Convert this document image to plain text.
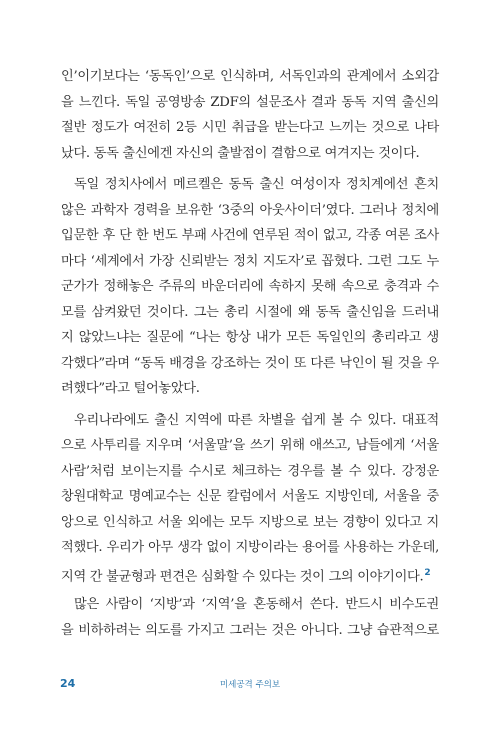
인’이기보다는 ‘동독인’으로 인식하며, 서독인과의 관계에서 소외감
을 느낀다. 독일 공영방송 ZDF의 설문조사 결과 동독 지역 출신의
절반 정도가 여전히 2등 시민 취급을 받는다고 느끼는 것으로 나타
났다. 동독 출신에겐 자신의 출발점이 결함으로 여겨지는 것이다.
독일 정치사에서 메르켈은 동독 출신 여성이자 정치계에선 흔치
않은 과학자 경력을 보유한 ‘3중의 아웃사이더’였다. 그러나 정치에
입문한 후 단 한 번도 부패 사건에 연루된 적이 없고, 각종 여론 조사
마다 ‘세계에서 가장 신뢰받는 정치 지도자’로 꼽혔다. 그런 그도 누
군가가 정해놓은 주류의 바운더리에 속하지 못해 속으로 충격과 수
모를 삼켜왔던 것이다. 그는 총리 시절에 왜 동독 출신임을 드러내
지 않았느냐는 질문에 “나는 항상 내가 모든 독일인의 총리라고 생
각했다”라며 “동독 배경을 강조하는 것이 또 다른 낙인이 될 것을 우
려했다”라고 털어놓았다.
우리나라에도 출신 지역에 따른 차별을 쉽게 볼 수 있다. 대표적
으로 사투리를 지우며 ‘서울말’을 쓰기 위해 애쓰고, 남들에게 ‘서울
사람’처럼 보이는지를 수시로 체크하는 경우를 볼 수 있다. 강정운
창원대학교 명예교수는 신문 칼럼에서 서울도 지방인데, 서울을 중
앙으로 인식하고 서울 외에는 모두 지방으로 보는 경향이 있다고 지
적했다. 우리가 아무 생각 없이 지방이라는 용어를 사용하는 가운데,
지역 간 불균형과 편견은 심화할 수 있다는 것이 그의 이야기이다.$^2$
많은 사람이 ‘지방’과 ‘지역’을 혼동해서 쓴다. 반드시 비수도권
을 비하하려는 의도를 가지고 그러는 것은 아니다. 그냥 습관적으로
24	미세공격 주의보
